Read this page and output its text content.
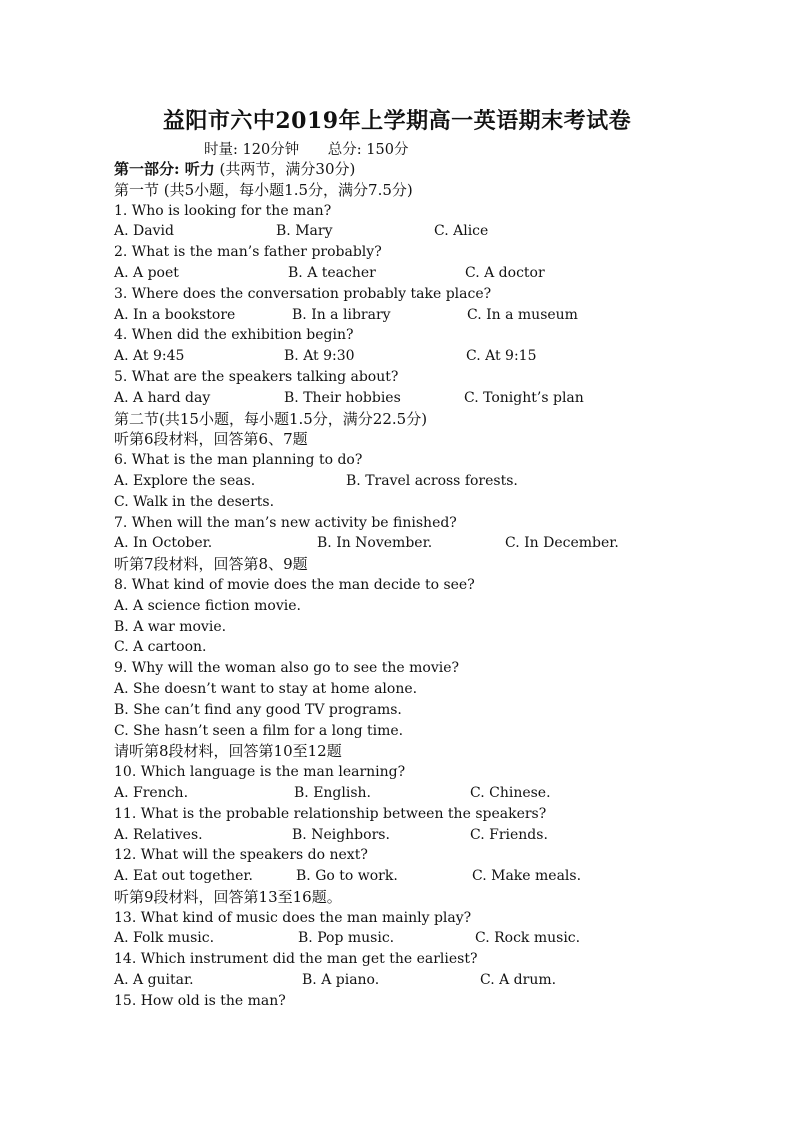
益阳市六中2019年上学期高一英语期末考试卷
时量: 120分钟 总分: 150分
第一部分: 听力 (共两节，满分30分)
第一节 (共5小题，每小题1.5分，满分7.5分)
1. Who is looking for the man?
A. David	B. Mary	C. Alice
2. What is the man’s father probably?
A. A poet	B. A teacher	C. A doctor
3. Where does the conversation probably take place?
A. In a bookstore	B. In a library	C. In a museum
4. When did the exhibition begin?
A. At 9:45	B. At 9:30	C. At 9:15
5. What are the speakers talking about?
A. A hard day	B. Their hobbies	C. Tonight’s plan
第二节(共15小题，每小题1.5分，满分22.5分)
听第6段材料，回答第6、7题
6. What is the man planning to do?
A. Explore the seas.	B. Travel across forests.
C. Walk in the deserts.
7. When will the man’s new activity be finished?
A. In October.	B. In November.	C. In December.
听第7段材料，回答第8、9题
8. What kind of movie does the man decide to see?
A. A science fiction movie.
B. A war movie.
C. A cartoon.
9. Why will the woman also go to see the movie?
A. She doesn’t want to stay at home alone.
B. She can’t find any good TV programs.
C. She hasn’t seen a film for a long time.
请听第8段材料，回答第10至12题
10. Which language is the man learning?
A. French.	B. English.	C. Chinese.
11. What is the probable relationship between the speakers?
A. Relatives.	B. Neighbors.	C. Friends.
12. What will the speakers do next?
A. Eat out together.	B. Go to work.	C. Make meals.
听第9段材料，回答第13至16题。
13. What kind of music does the man mainly play?
A. Folk music.	B. Pop music.	C. Rock music.
14. Which instrument did the man get the earliest?
A. A guitar.	B. A piano.	C. A drum.
15. How old is the man?
